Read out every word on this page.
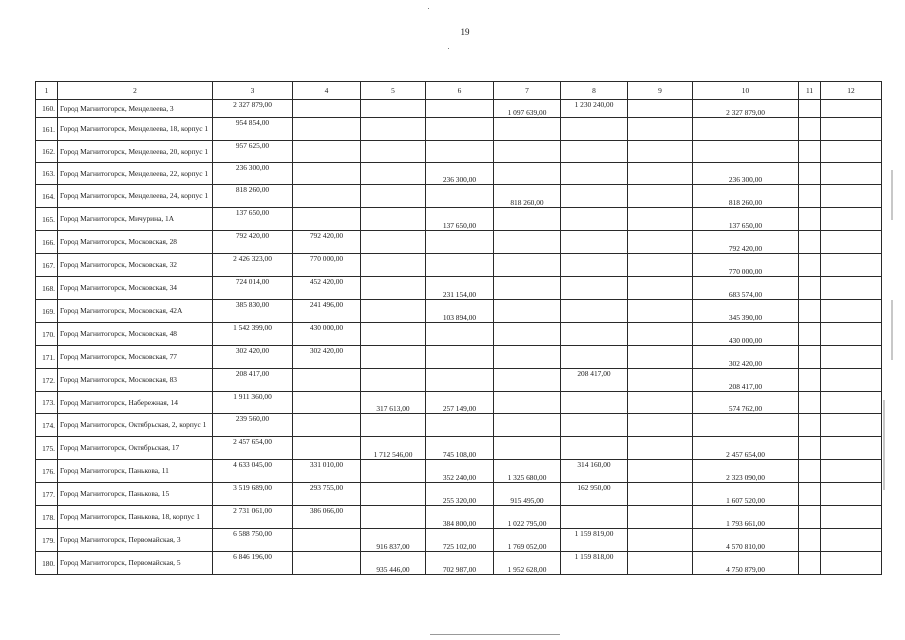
19
1	2	3	4	5	6	7	8	9	10	11	12
160.	Город Магнитогорск, Менделеева, 3	2 327 879,00				1 097 639,00	1 230 240,00		2 327 879,00		
161.	Город Магнитогорск, Менделеева, 18, корпус 1	954 854,00									
162.	Город Магнитогорск, Менделеева, 20, корпус 1	957 625,00									
163.	Город Магнитогорск, Менделеева, 22, корпус 1	236 300,00			236 300,00				236 300,00		
164.	Город Магнитогорск, Менделеева, 24, корпус 1	818 260,00				818 260,00			818 260,00		
165.	Город Магнитогорск, Мичурина, 1А	137 650,00			137 650,00				137 650,00		
166.	Город Магнитогорск, Московская, 28	792 420,00	792 420,00						792 420,00		
167.	Город Магнитогорск, Московская, 32	2 426 323,00	770 000,00						770 000,00		
168.	Город Магнитогорск, Московская, 34	724 014,00	452 420,00		231 154,00				683 574,00		
169.	Город Магнитогорск, Московская, 42А	385 830,00	241 496,00		103 894,00				345 390,00		
170.	Город Магнитогорск, Московская, 48	1 542 399,00	430 000,00						430 000,00		
171.	Город Магнитогорск, Московская, 77	302 420,00	302 420,00						302 420,00		
172.	Город Магнитогорск, Московская, 83	208 417,00					208 417,00		208 417,00		
173.	Город Магнитогорск, Набережная, 14	1 911 360,00		317 613,00	257 149,00				574 762,00		
174.	Город Магнитогорск, Октябрьская, 2, корпус 1	239 560,00									
175.	Город Магнитогорск, Октябрьская, 17	2 457 654,00		1 712 546,00	745 108,00				2 457 654,00		
176.	Город Магнитогорск, Панькова, 11	4 633 045,00	331 010,00		352 240,00	1 325 680,00	314 160,00		2 323 090,00		
177.	Город Магнитогорск, Панькова, 15	3 519 689,00	293 755,00		255 320,00	915 495,00	162 950,00		1 607 520,00		
178.	Город Магнитогорск, Панькова, 18, корпус 1	2 731 061,00	386 066,00		384 800,00	1 022 795,00			1 793 661,00		
179.	Город Магнитогорск, Первомайская, 3	6 588 750,00		916 837,00	725 102,00	1 769 052,00	1 159 819,00		4 570 810,00		
180.	Город Магнитогорск, Первомайская, 5	6 846 196,00		935 446,00	702 987,00	1 952 628,00	1 159 818,00		4 750 879,00		
